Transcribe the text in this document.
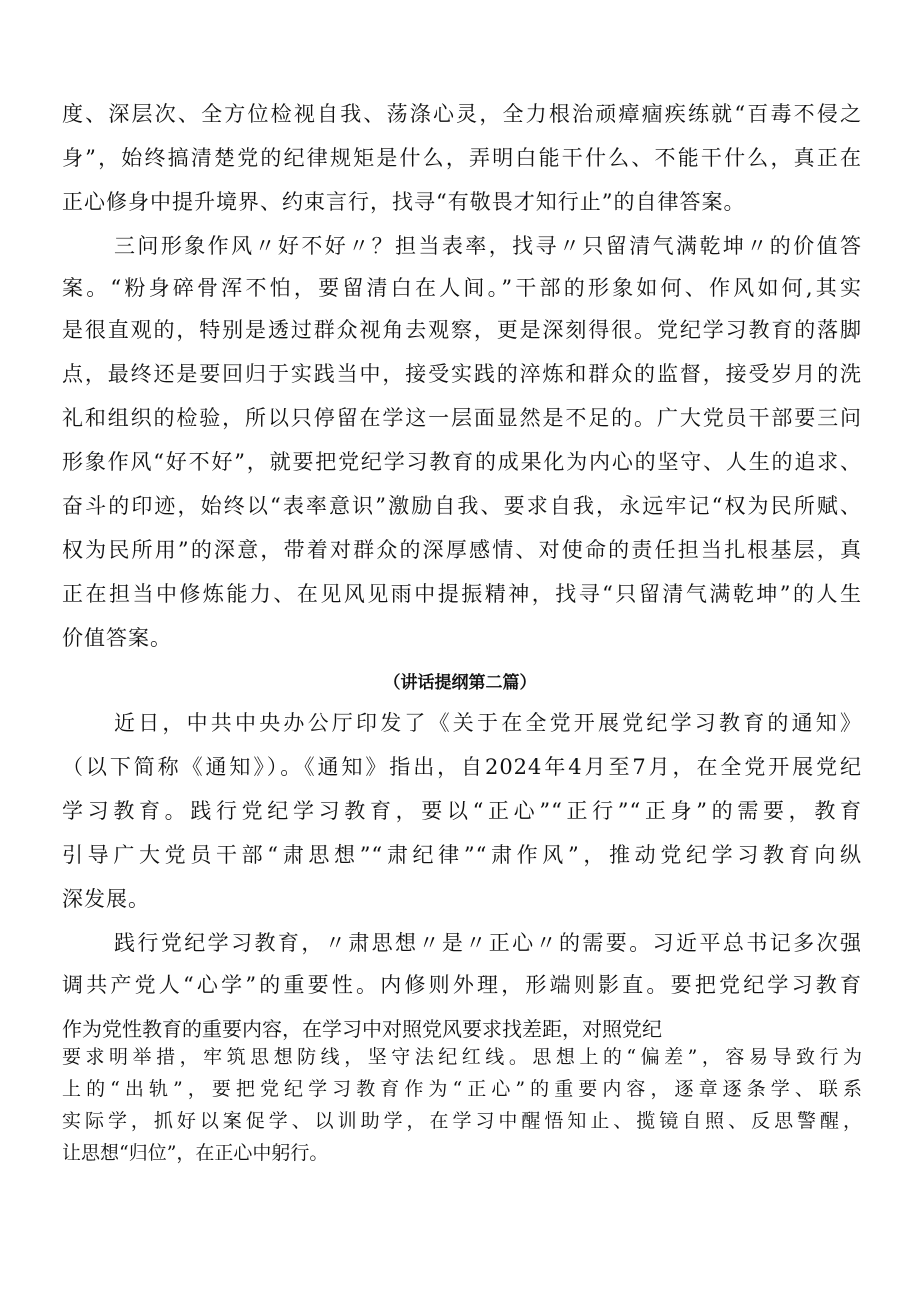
度、深层次、全方位检视自我、荡涤心灵，全力根治顽瘴痼疾练就“百毒不侵之
身”，始终搞清楚党的纪律规矩是什么，弄明白能干什么、不能干什么，真正在
正心修身中提升境界、约束言行，找寻“有敬畏才知行止”的自律答案。
三问形象作风〃好不好〃？担当表率，找寻〃只留清气满乾坤〃的价值答
案。“粉身碎骨浑不怕，要留清白在人间。”干部的形象如何、作风如何,其实
是很直观的，特别是透过群众视角去观察，更是深刻得很。党纪学习教育的落脚
点，最终还是要回归于实践当中，接受实践的淬炼和群众的监督，接受岁月的洗
礼和组织的检验，所以只停留在学这一层面显然是不足的。广大党员干部要三问
形象作风“好不好”，就要把党纪学习教育的成果化为内心的坚守、人生的追求、
奋斗的印迹，始终以“表率意识”激励自我、要求自我，永远牢记“权为民所赋、
权为民所用”的深意，带着对群众的深厚感情、对使命的责任担当扎根基层，真
正在担当中修炼能力、在见风见雨中提振精神，找寻“只留清气满乾坤”的人生
价值答案。
（讲话提纲第二篇）
近日，中共中央办公厅印发了《关于在全党开展党纪学习教育的通知》
（以下简称《通知》）。《通知》指出，自2024年4月至7月，在全党开展党纪
学习教育。践行党纪学习教育，要以“正心”“正行”“正身”的需要，教育
引导广大党员干部“肃思想”“肃纪律”“肃作风”，推动党纪学习教育向纵
深发展。
践行党纪学习教育，〃肃思想〃是〃正心〃的需要。习近平总书记多次强
调共产党人“心学”的重要性。内修则外理，形端则影直。要把党纪学习教育
作为党性教育的重要内容，在学习中对照党风要求找差距，对照党纪
要求明举措，牢筑思想防线，坚守法纪红线。思想上的“偏差”，容易导致行为
上的“出轨”，要把党纪学习教育作为“正心”的重要内容，逐章逐条学、联系
实际学，抓好以案促学、以训助学，在学习中醒悟知止、揽镜自照、反思警醒，
让思想“归位”，在正心中躬行。
